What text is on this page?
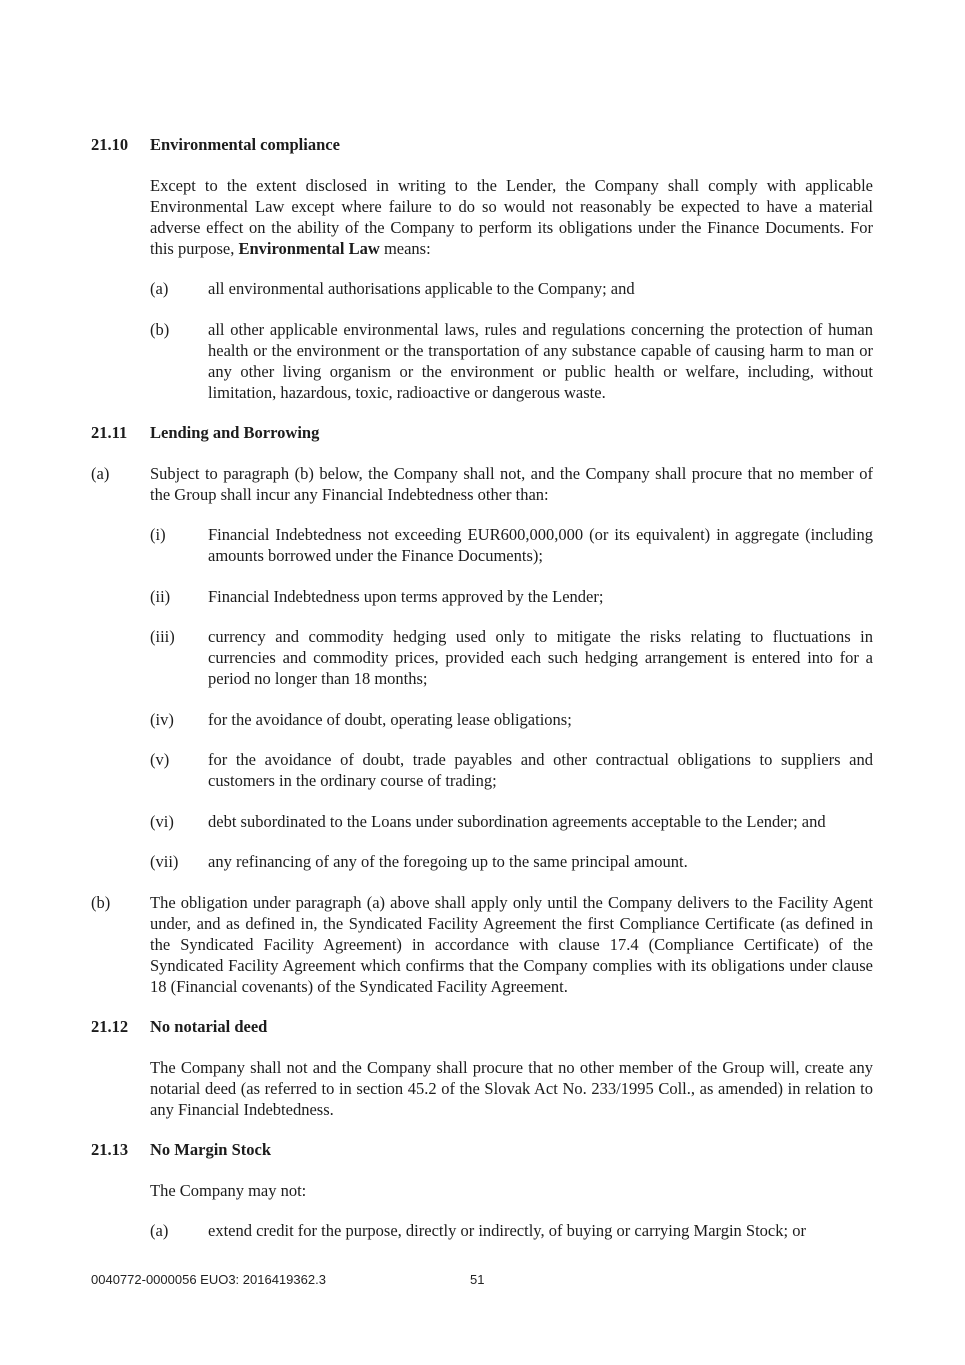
21.10	Environmental compliance
Except to the extent disclosed in writing to the Lender, the Company shall comply with applicable Environmental Law except where failure to do so would not reasonably be expected to have a material adverse effect on the ability of the Company to perform its obligations under the Finance Documents. For this purpose, Environmental Law means:
(a)	all environmental authorisations applicable to the Company; and
(b)	all other applicable environmental laws, rules and regulations concerning the protection of human health or the environment or the transportation of any substance capable of causing harm to man or any other living organism or the environment or public health or welfare, including, without limitation, hazardous, toxic, radioactive or dangerous waste.
21.11	Lending and Borrowing
(a)	Subject to paragraph (b) below, the Company shall not, and the Company shall procure that no member of the Group shall incur any Financial Indebtedness other than:
(i)	Financial Indebtedness not exceeding EUR600,000,000 (or its equivalent) in aggregate (including amounts borrowed under the Finance Documents);
(ii)	Financial Indebtedness upon terms approved by the Lender;
(iii)	currency and commodity hedging used only to mitigate the risks relating to fluctuations in currencies and commodity prices, provided each such hedging arrangement is entered into for a period no longer than 18 months;
(iv)	for the avoidance of doubt, operating lease obligations;
(v)	for the avoidance of doubt, trade payables and other contractual obligations to suppliers and customers in the ordinary course of trading;
(vi)	debt subordinated to the Loans under subordination agreements acceptable to the Lender; and
(vii)	any refinancing of any of the foregoing up to the same principal amount.
(b)	The obligation under paragraph (a) above shall apply only until the Company delivers to the Facility Agent under, and as defined in, the Syndicated Facility Agreement the first Compliance Certificate (as defined in the Syndicated Facility Agreement) in accordance with clause 17.4 (Compliance Certificate) of the Syndicated Facility Agreement which confirms that the Company complies with its obligations under clause 18 (Financial covenants) of the Syndicated Facility Agreement.
21.12	No notarial deed
The Company shall not and the Company shall procure that no other member of the Group will, create any notarial deed (as referred to in section 45.2 of the Slovak Act No. 233/1995 Coll., as amended) in relation to any Financial Indebtedness.
21.13	No Margin Stock
The Company may not:
(a)	extend credit for the purpose, directly or indirectly, of buying or carrying Margin Stock; or
0040772-0000056 EUO3: 2016419362.3	51
